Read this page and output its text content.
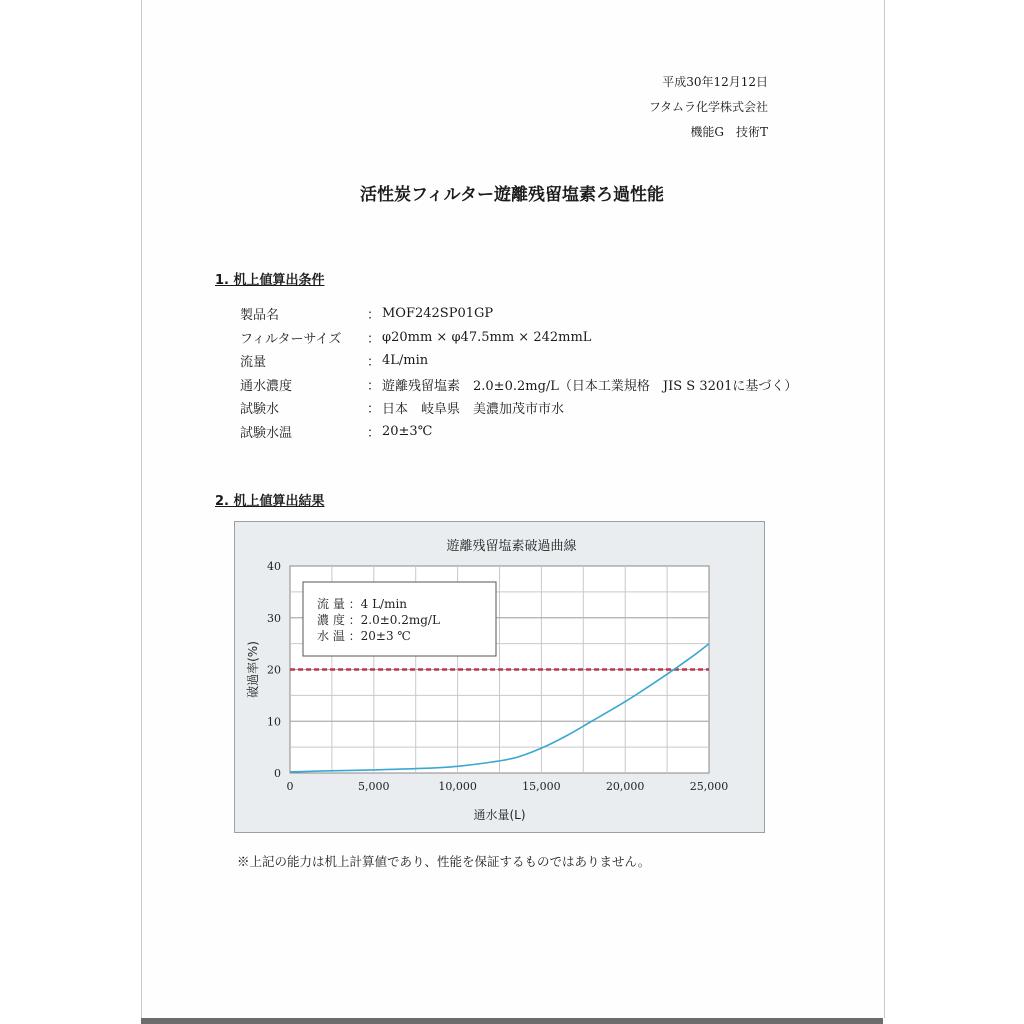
平成30年12月12日
フタムラ化学株式会社
機能G　技術T
活性炭フィルター遊離残留塩素ろ過性能
1. 机上値算出条件
製品名	： MOF242SP01GP
フィルターサイズ	： φ20mm × φ47.5mm × 242mmL
流量	： 4L/min
通水濃度	： 遊離残留塩素　2.0±0.2mg/L（日本工業規格　JIS S 3201に基づく）
試験水	： 日本　岐阜県　美濃加茂市市水
試験水温	： 20±3℃
2. 机上値算出結果
遊離残留塩素破過曲線
0
10
20
30
40
0	5,000	10,000	15,000	20,000	25,000
通水量(L)
破過率(%)
流 量 ：4 L/min
濃 度 ：2.0±0.2mg/L
水 温 ：20±3 ℃
※上記の能力は机上計算値であり、性能を保証するものではありません。
